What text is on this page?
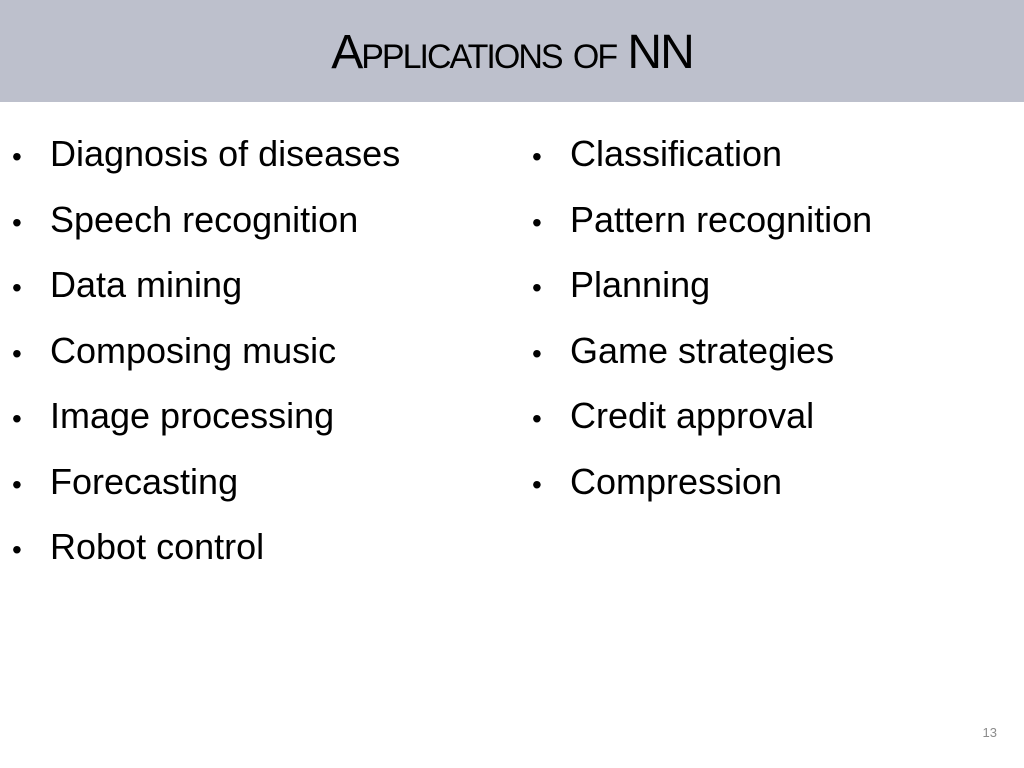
Applications of NN
• Diagnosis of diseases
• Speech recognition
• Data mining
• Composing music
• Image processing
• Forecasting
• Robot control
• Classification
• Pattern recognition
• Planning
• Game strategies
• Credit approval
• Compression
13
